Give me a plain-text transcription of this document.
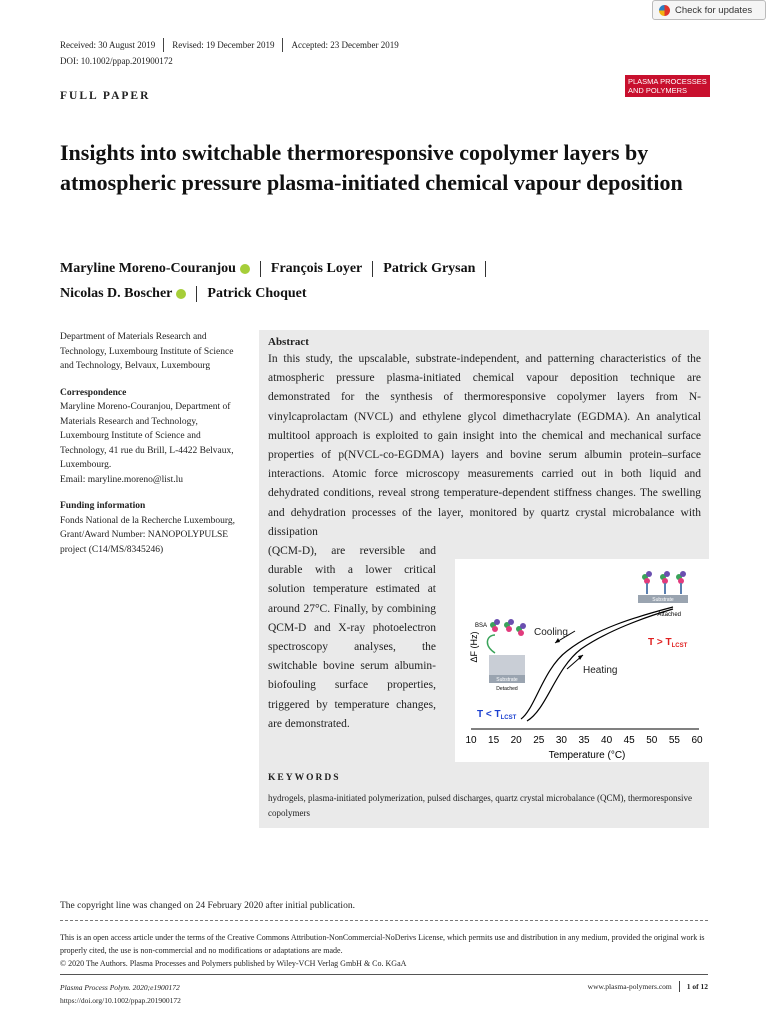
Received: 30 August 2019 Revised: 19 December 2019 Accepted: 23 December 2019
DOI: 10.1002/ppap.201900172
Check for updates
PLASMA PROCESSES
AND POLYMERS
FULL PAPER
Insights into switchable thermoresponsive copolymer layers by atmospheric pressure plasma-initiated chemical vapour deposition
Maryline Moreno-Couranjou	François Loyer Patrick Grysan

Nicolas D. Boscher	Patrick Choquet

Department of Materials Research and Technology, Luxembourg Institute of Science and Technology, Belvaux, Luxembourg

Correspondence

Maryline Moreno-Couranjou, Department of Materials Research and Technology, Luxembourg Institute of Science and Technology, 41 rue du Brill, L-4422 Belvaux, Luxembourg.

Email: maryline.moreno@list.lu

Funding information

Fonds National de la Recherche Luxembourg, Grant/Award Number: NANOPOLYPULSE project (C14/MS/8345246)

Abstract
In this study, the upscalable, substrate-independent, and patterning characteristics of the atmospheric pressure plasma-initiated chemical vapour deposition technique are demonstrated for the synthesis of thermoresponsive copolymer layers from N-vinylcaprolactam (NVCL) and ethylene glycol dimethacrylate (EGDMA). An analytical multitool approach is exploited to gain insight into the chemical and mechanical surface properties of p(NVCL-co-EGDMA) layers and bovine serum albumin protein–surface interactions. Atomic force microscopy measurements carried out in both liquid and dehydrated conditions, reveal strong temperature-dependent stiffness changes. The swelling and dehydration processes of the layer, monitored by quartz crystal microbalance with dissipation
(QCM-D), are reversible and durable with a lower critical solution temperature estimated at around 27°C. Finally, by combining QCM-D and X-ray photoelectron spectroscopy analyses, the switchable bovine serum albumin-biofouling surface properties, triggered by temperature changes, are demonstrated.
10 15 20 25 30 35 40 45 50 55 60
ΔF (Hz)
Temperature (°C)
Cooling
Heating
Substrate
Attached
$T > T_{LCST}$
BSA
Substrate
Detached
$T < T_{LCST}$
KEYWORDS
hydrogels, plasma-initiated polymerization, pulsed discharges, quartz crystal microbalance (QCM), thermoresponsive copolymers
The copyright line was changed on 24 February 2020 after initial publication.
This is an open access article under the terms of the Creative Commons Attribution-NonCommercial-NoDerivs License, which permits use and distribution in any medium, provided the original work is properly cited, the use is non-commercial and no modifications or adaptations are made.
© 2020 The Authors. Plasma Processes and Polymers published by Wiley-VCH Verlag GmbH & Co. KGaA
Plasma Process Polym. 2020;e1900172
https://doi.org/10.1002/ppap.201900172
www.plasma-polymers.com 1 of 12
